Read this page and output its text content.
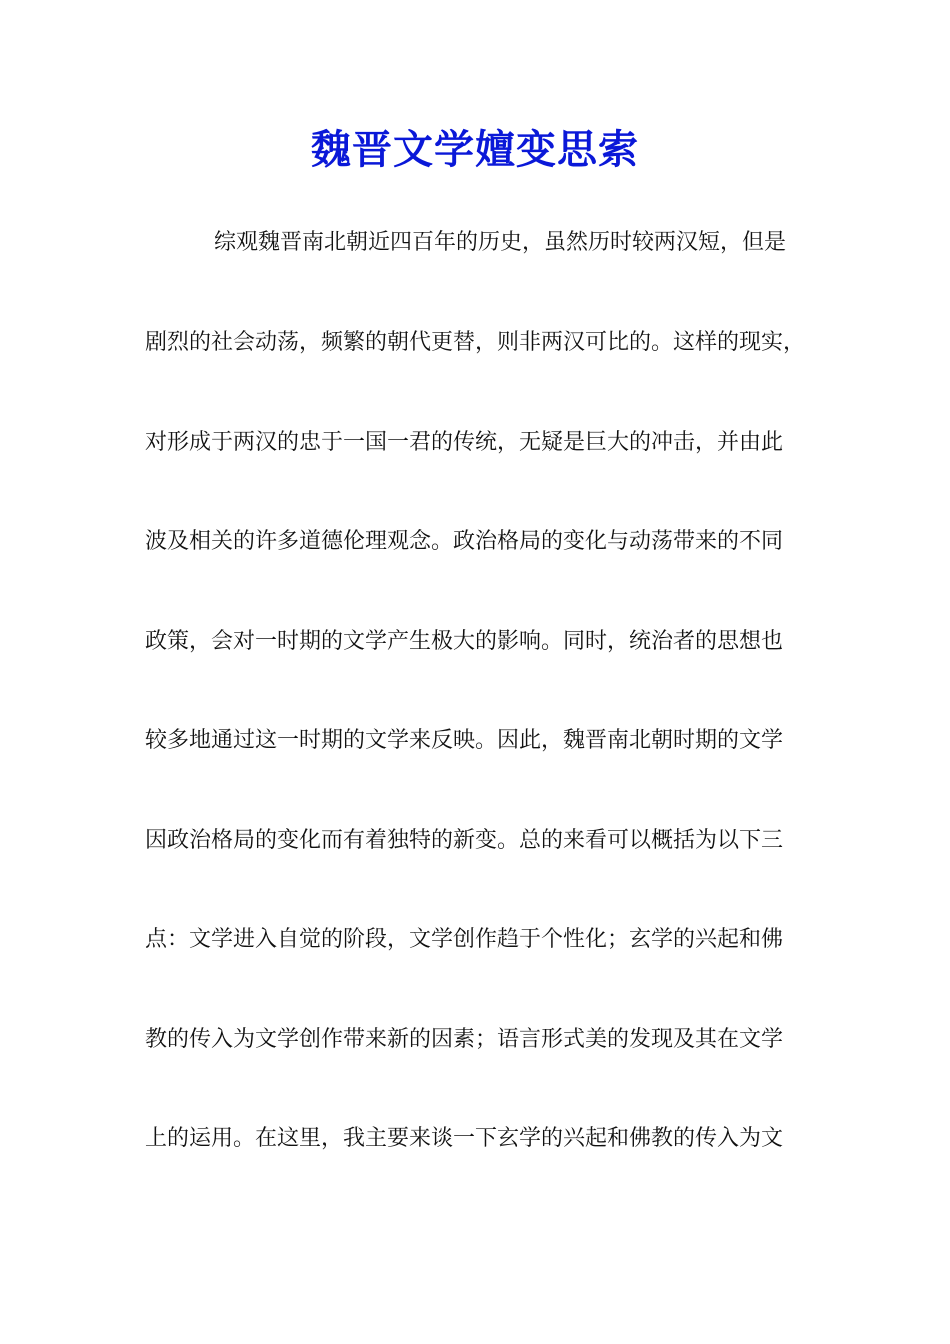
魏晋文学嬗变思索

综观魏晋南北朝近四百年的历史，虽然历时较两汉短，但是

剧烈的社会动荡，频繁的朝代更替，则非两汉可比的。这样的现实，

对形成于两汉的忠于一国一君的传统，无疑是巨大的冲击，并由此

波及相关的许多道德伦理观念。政治格局的变化与动荡带来的不同

政策，会对一时期的文学产生极大的影响。同时，统治者的思想也

较多地通过这一时期的文学来反映。因此，魏晋南北朝时期的文学

因政治格局的变化而有着独特的新变。总的来看可以概括为以下三

点：文学进入自觉的阶段，文学创作趋于个性化；玄学的兴起和佛

教的传入为文学创作带来新的因素；语言形式美的发现及其在文学

上的运用。在这里，我主要来谈一下玄学的兴起和佛教的传入为文
